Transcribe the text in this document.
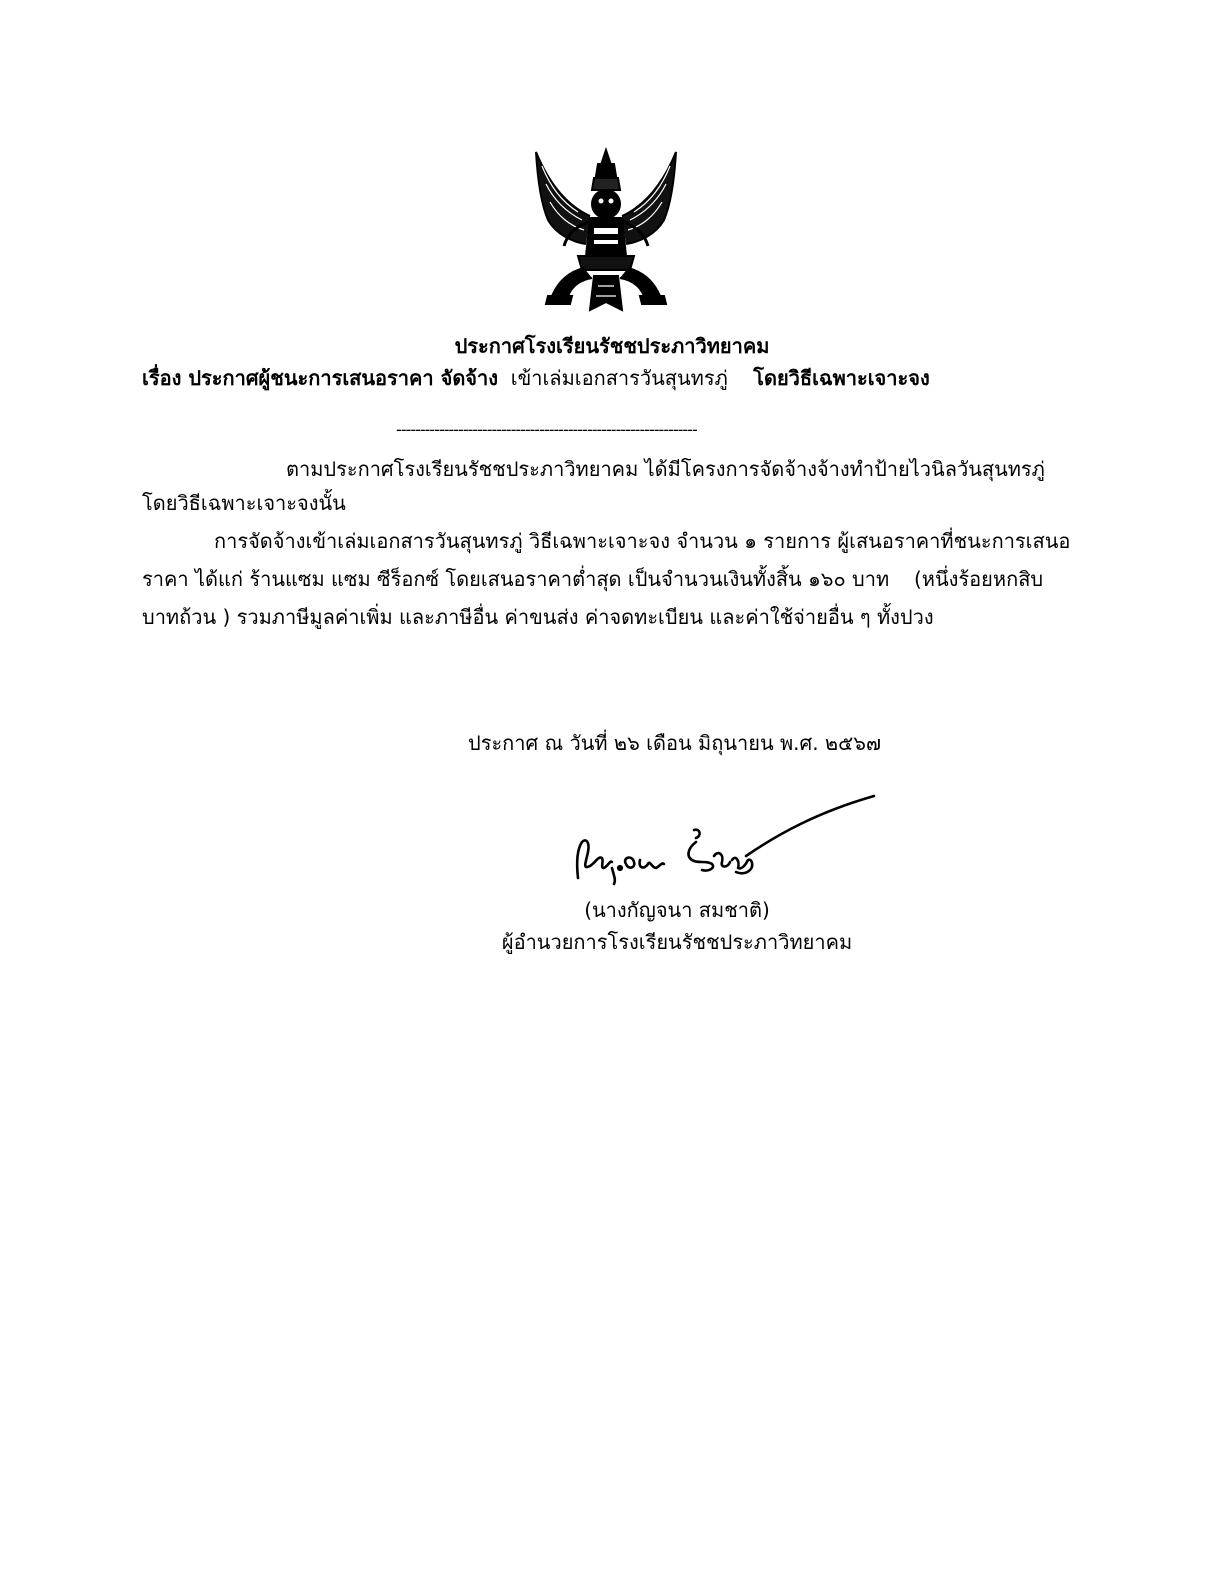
ประกาศโรงเรียนรัชชประภาวิทยาคม
เรื่อง ประกาศผู้ชนะการเสนอราคา จัดจ้าง เข้าเล่มเอกสารวันสุนทรภู่ โดยวิธีเฉพาะเจาะจง
---------------------------------------------------------------
ตามประกาศโรงเรียนรัชชประภาวิทยาคม ได้มีโครงการจัดจ้างจ้างทำป้ายไวนิลวันสุนทรภู่
โดยวิธีเฉพาะเจาะจงนั้น
การจัดจ้างเข้าเล่มเอกสารวันสุนทรภู่ วิธีเฉพาะเจาะจง จำนวน ๑ รายการ ผู้เสนอราคาที่ชนะการเสนอ
ราคา ได้แก่ ร้านแซม แซม ซีร็อกซ์ โดยเสนอราคาต่ำสุด เป็นจำนวนเงินทั้งสิ้น ๑๖๐ บาท (หนึ่งร้อยหกสิบ
บาทถ้วน ) รวมภาษีมูลค่าเพิ่ม และภาษีอื่น ค่าขนส่ง ค่าจดทะเบียน และค่าใช้จ่ายอื่น ๆ ทั้งปวง
ประกาศ ณ วันที่ ๒๖ เดือน มิถุนายน พ.ศ. ๒๕๖๗
(นางกัญจนา สมชาติ)
ผู้อำนวยการโรงเรียนรัชชประภาวิทยาคม
